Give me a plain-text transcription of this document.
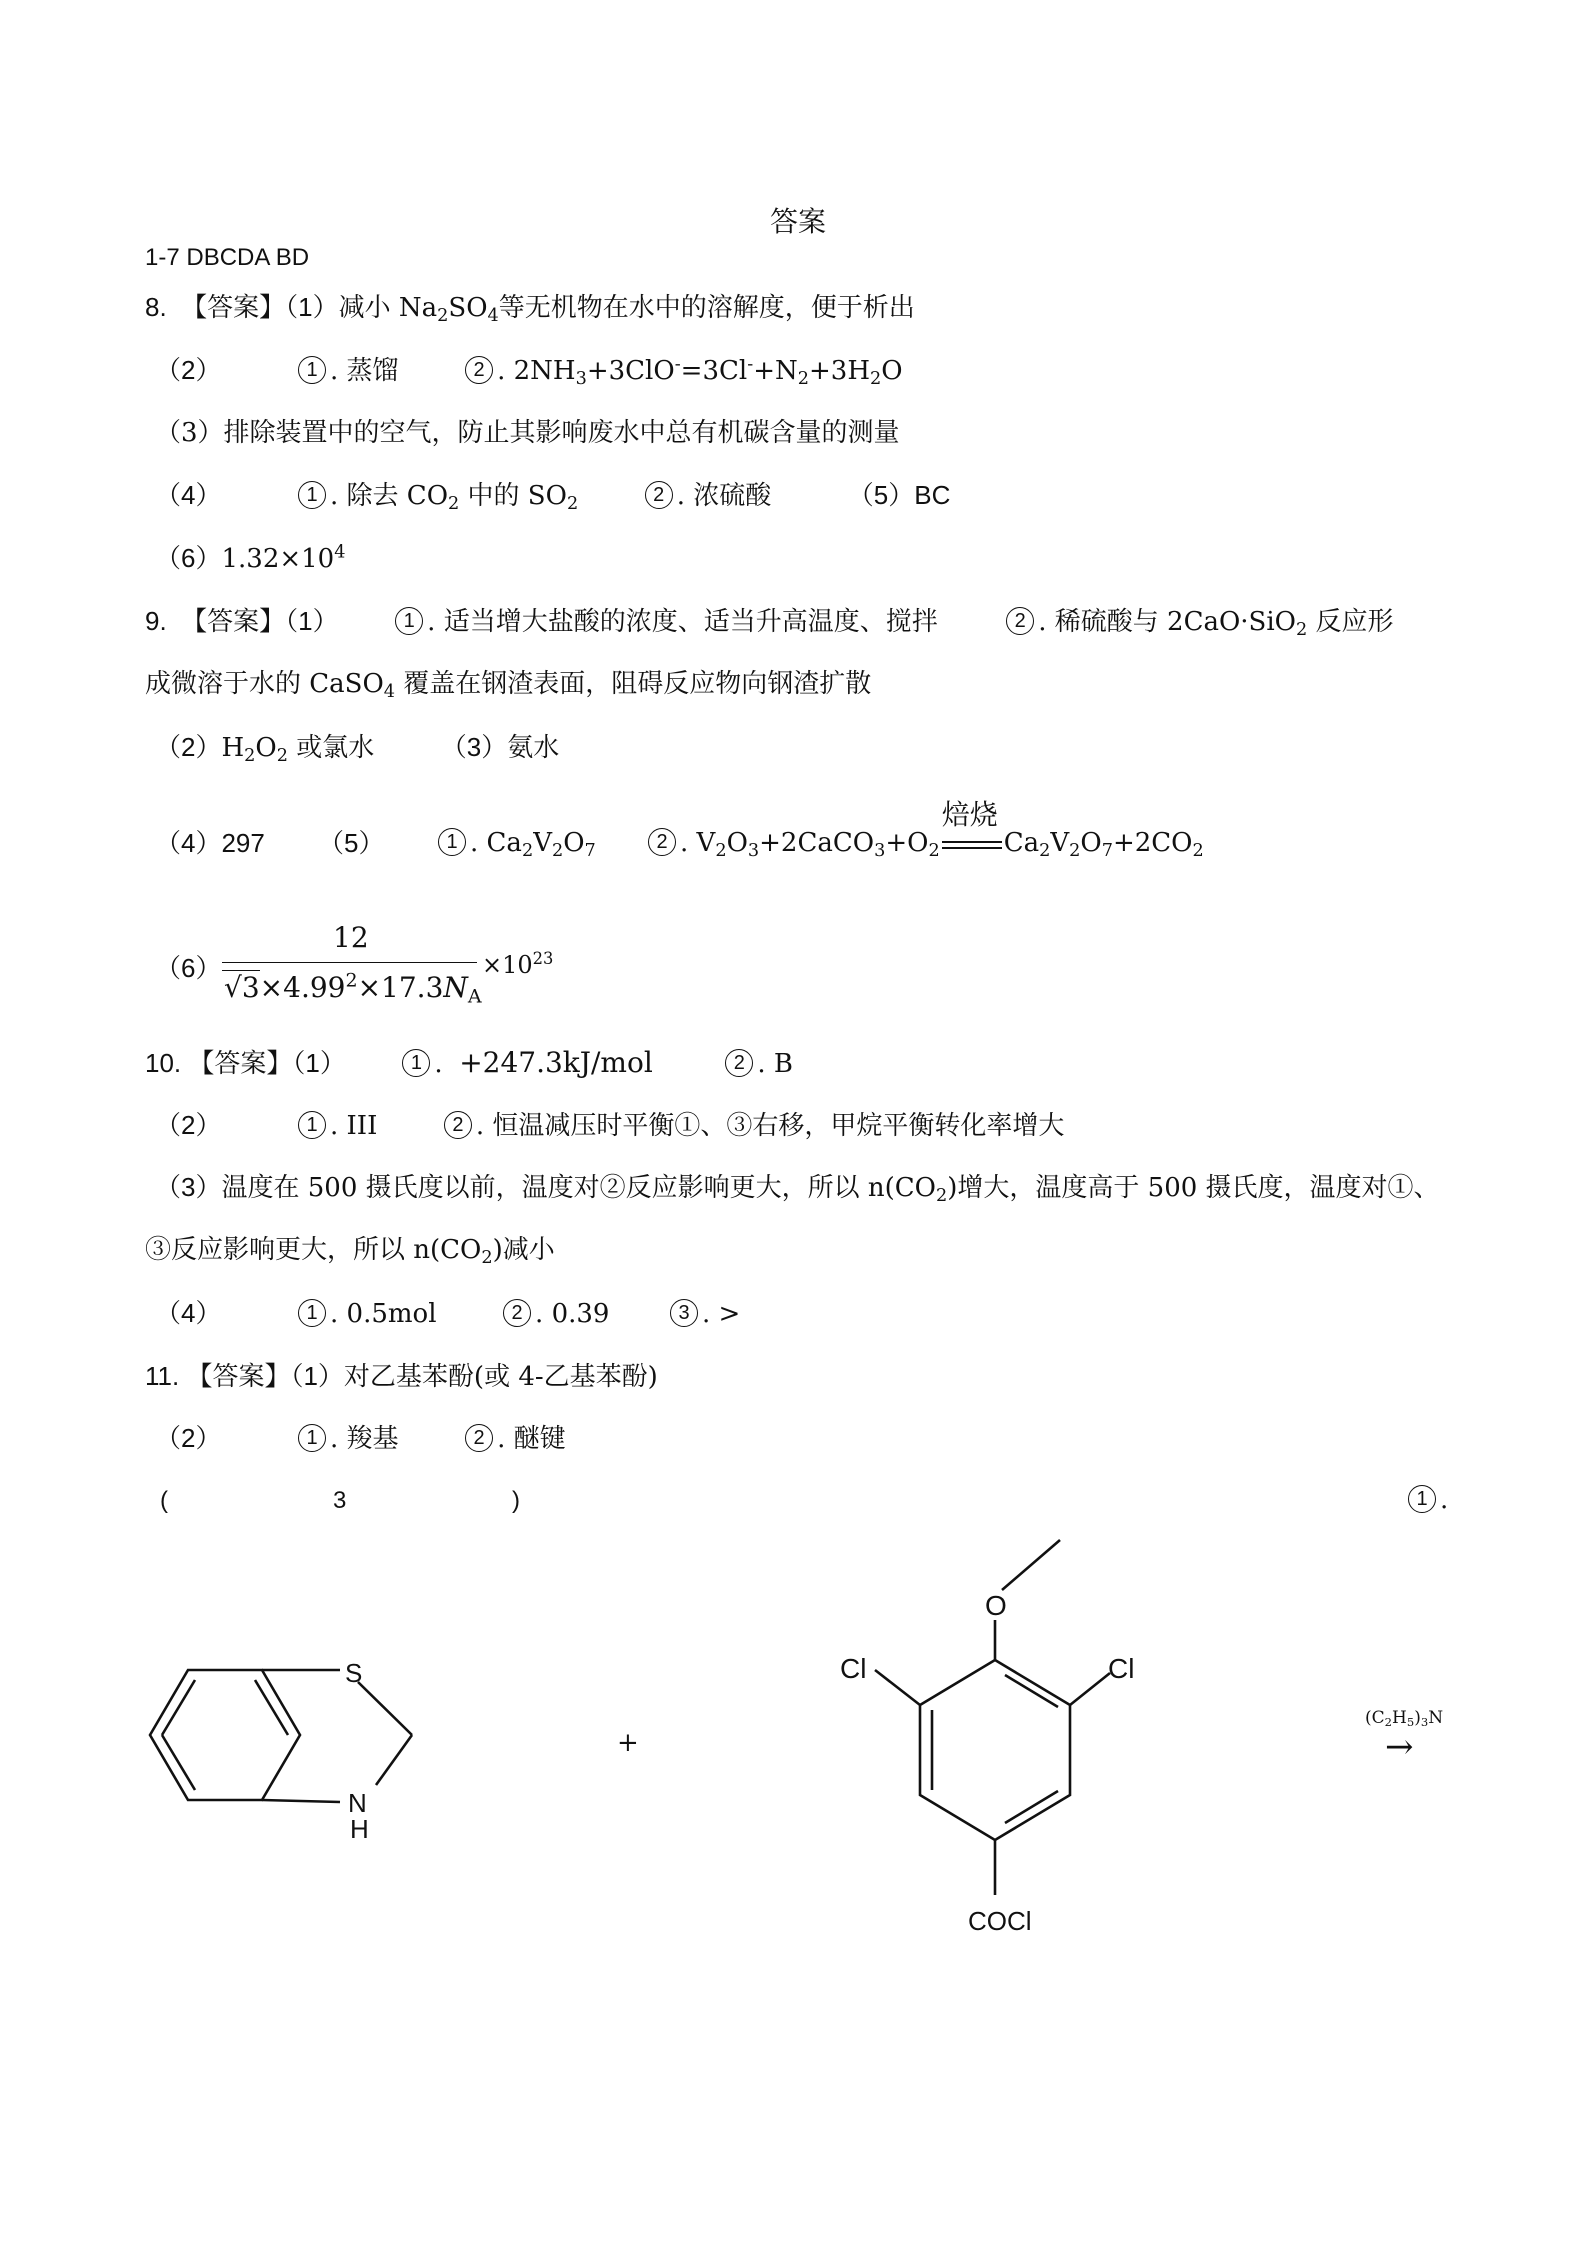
答案
1-7 DBCDA BD
8.  【答案】（1）减小 $Na_2SO_4$等无机物在水中的溶解度，便于析出
（2）	1 . 蒸馏	2 . $2NH_3+3ClO^-=3Cl^-+N_2+3H_2O$
（3）排除装置中的空气，防止其影响废水中总有机碳含量的测量
（4）	1 . 除去 $CO_2$ 中的 $SO_2$	2 . 浓硫酸	（5）BC
$(6)1.32\times 10^4$
9.  【答案】（1）	1 . 适当增大盐酸的浓度、适当升高温度、搅拌	2 . 稀硫酸与 2CaO·SiO$_2$ 反应形
成微溶于水的 CaSO$_4$ 覆盖在钢渣表面，阻碍反应物向钢渣扩散
$(2)H_2O_2$ 或氯水  （3）氨水
（4）297 （5）	1 . $Ca_2V_2O_7$	2 . $V_2O_3+2CaCO_3+O_2$
焙烧
$Ca_2V_2O_7+2CO_2$
（6）
12
$√3\times 4.99^2\times 17.3N_A$
$\times 10^{23}$
10. 【答案】（1）	1 .  +247.3kJ/mol	2 . B
（2）	1 . III	2 . 恒温减压时平衡①、③右移，甲烷平衡转化率增大
（3）温度在 500 摄氏度以前，温度对②反应影响更大，所以 $n(CO_2)$增大，温度高于 500 摄氏度，温度对①、
③反应影响更大，所以 $n(CO_2)$减小
（4）	1 . 0.5mol	2 . 0.39	3 . >
11. 【答案】（1）对乙基苯酚(或 4-乙基苯酚)
（2）	1 . 羧基	2 . 醚键
(	3	)	1 .
S
N
H
+
O
Cl	Cl
COCl
$(C_2H_5)_3N$
→
